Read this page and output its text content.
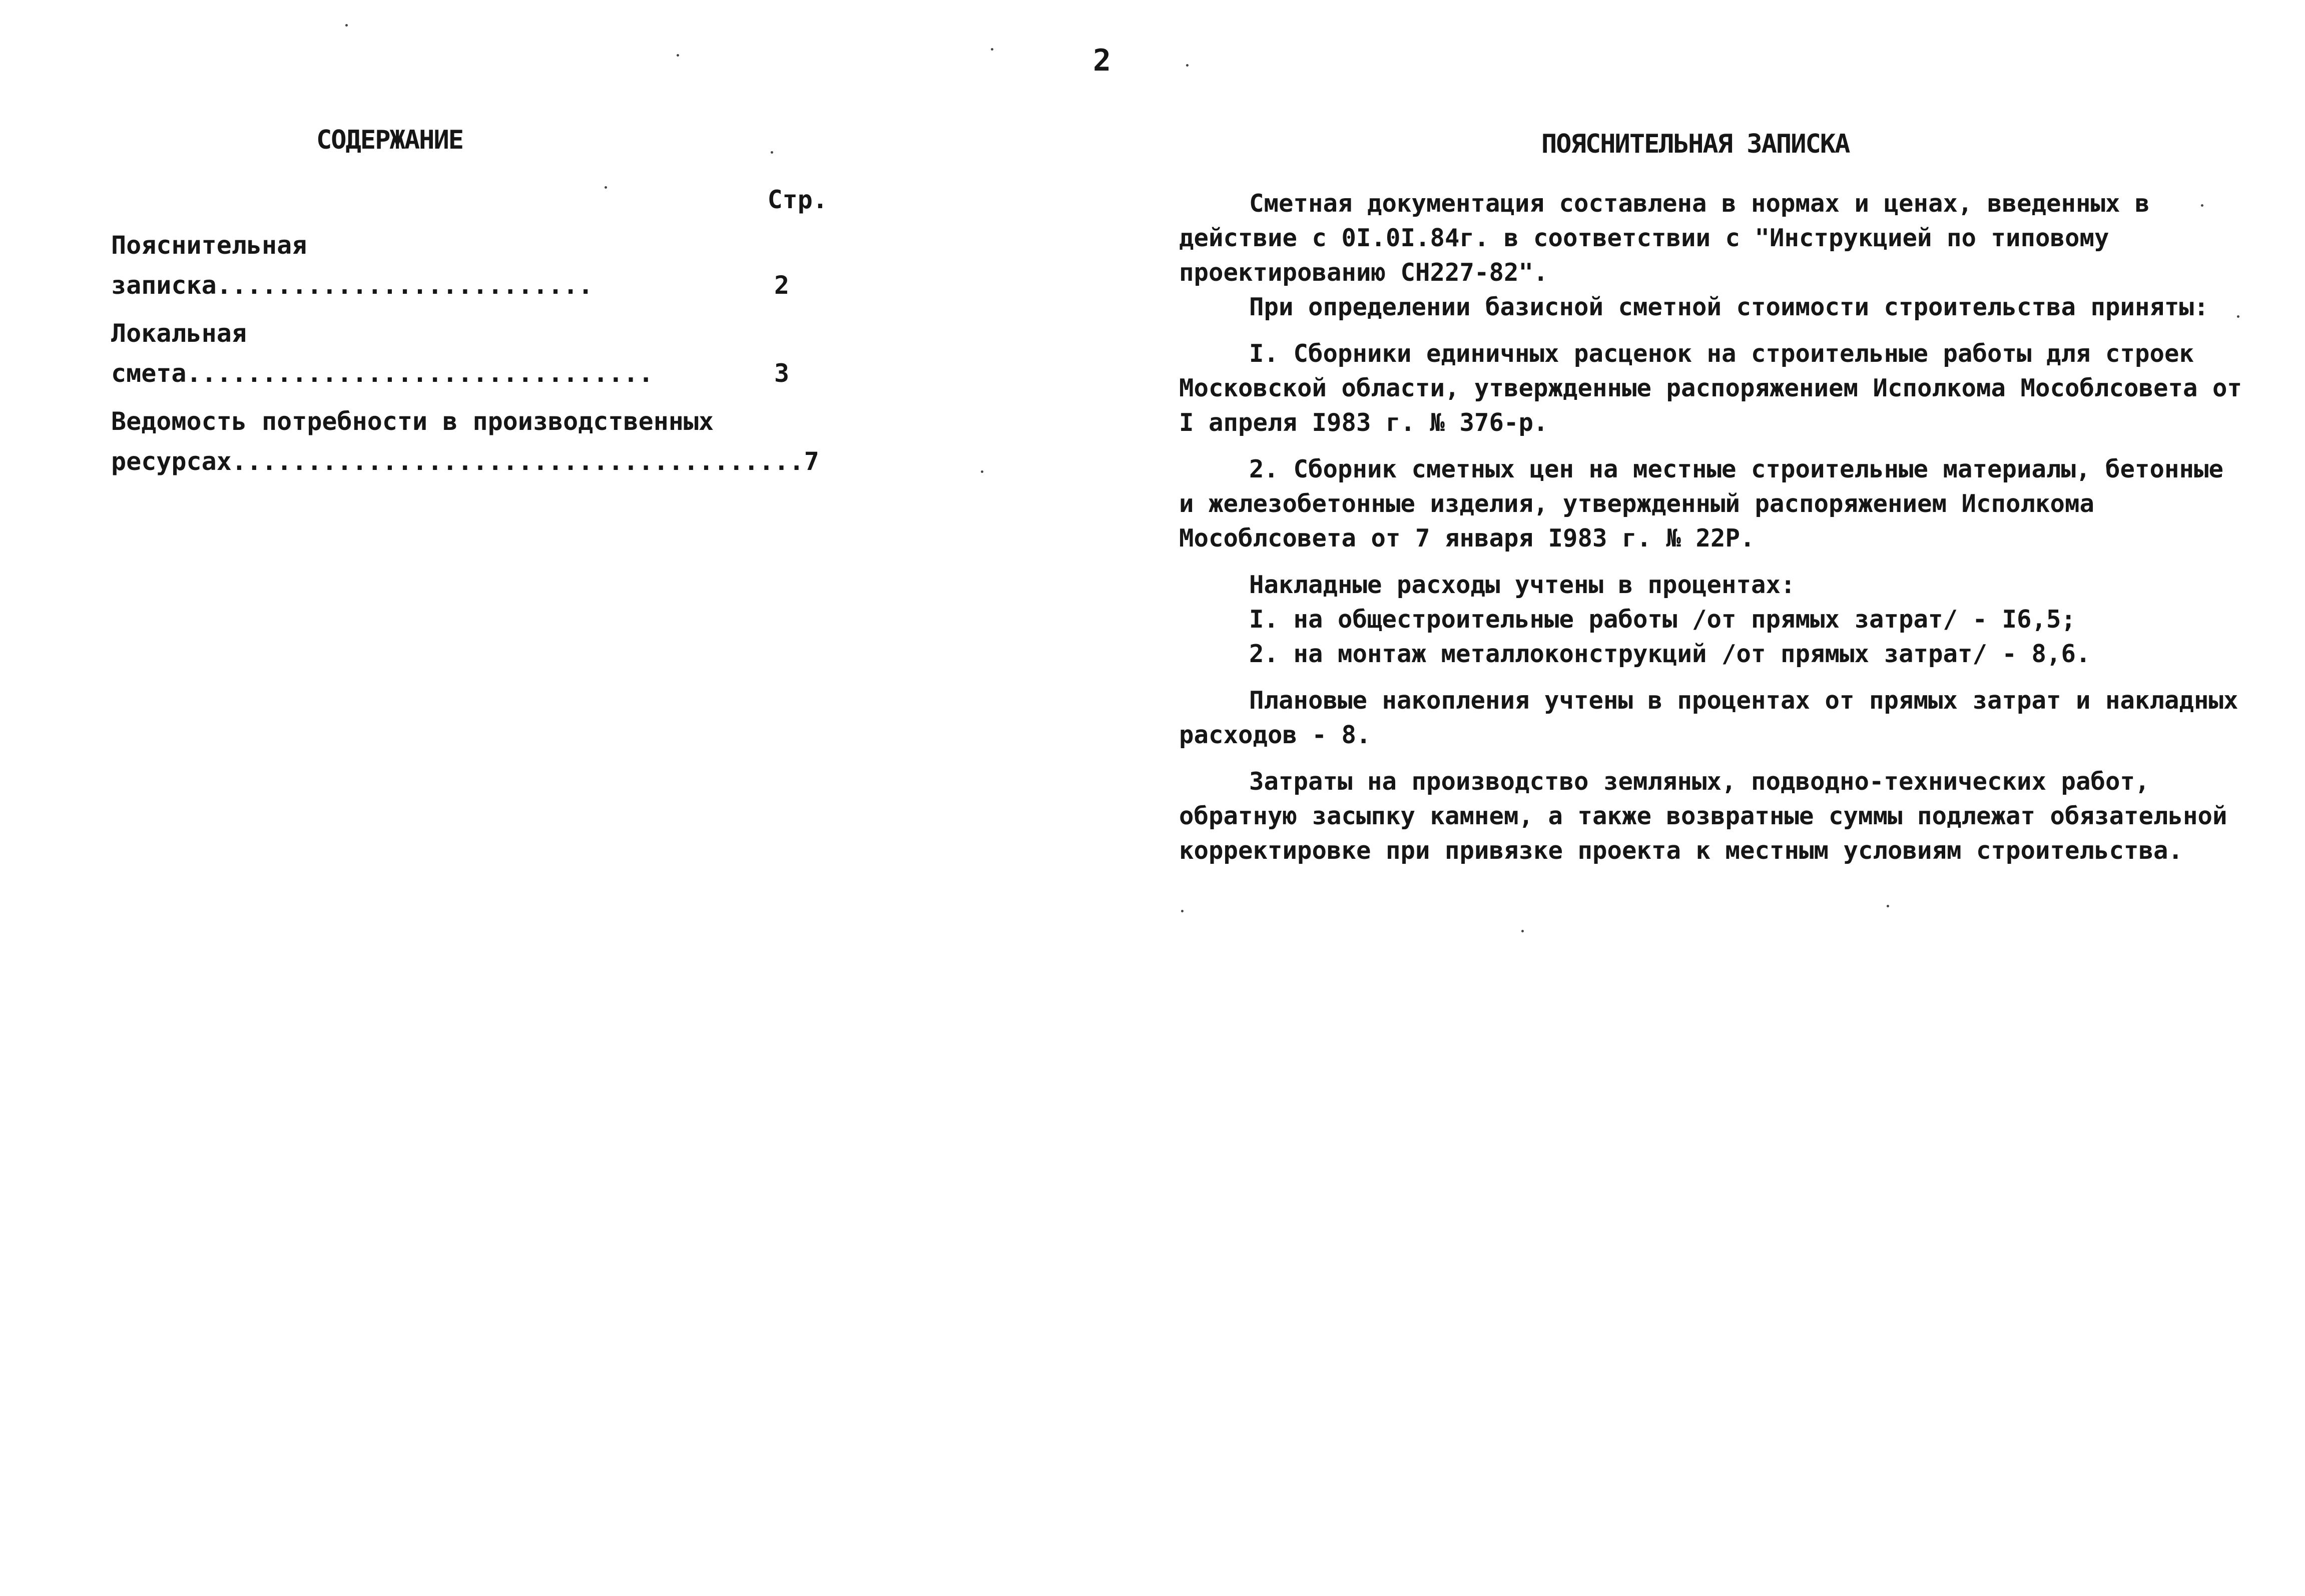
2
СОДЕРЖАНИЕ
Стр.
Пояснительная записка.........................	2
Локальная смета...............................	3
Ведомость потребности в производственных
ресурсах...................................... 7
ПОЯСНИТЕЛЬНАЯ ЗАПИСКА

Сметная документация составлена в нормах и ценах, введенных в действие с 0I.0I.84г. в соответствии с "Инструкцией по типовому проектированию СН227-82".

При определении базисной сметной стоимости строительства приняты:

I. Сборники единичных расценок на строительные работы для строек Московской области, утвержденные распоряжением Исполкома Мособлсовета от I апреля I983 г. № 376-р.

2. Сборник сметных цен на местные строительные материалы, бетонные и железобетонные изделия, утвержденный распоряжением Исполкома Мособлсовета от 7 января I983 г. № 22Р.

Накладные расходы учтены в процентах:

I. на общестроительные работы /от прямых затрат/ - I6,5;

2. на монтаж металлоконструкций /от прямых затрат/ - 8,6.

Плановые накопления учтены в процентах от прямых затрат и накладных расходов - 8.

Затраты на производство земляных, подводно-технических работ, обратную засыпку камнем, а также возвратные суммы подлежат обязательной корректировке при привязке проекта к местным условиям строительства.
